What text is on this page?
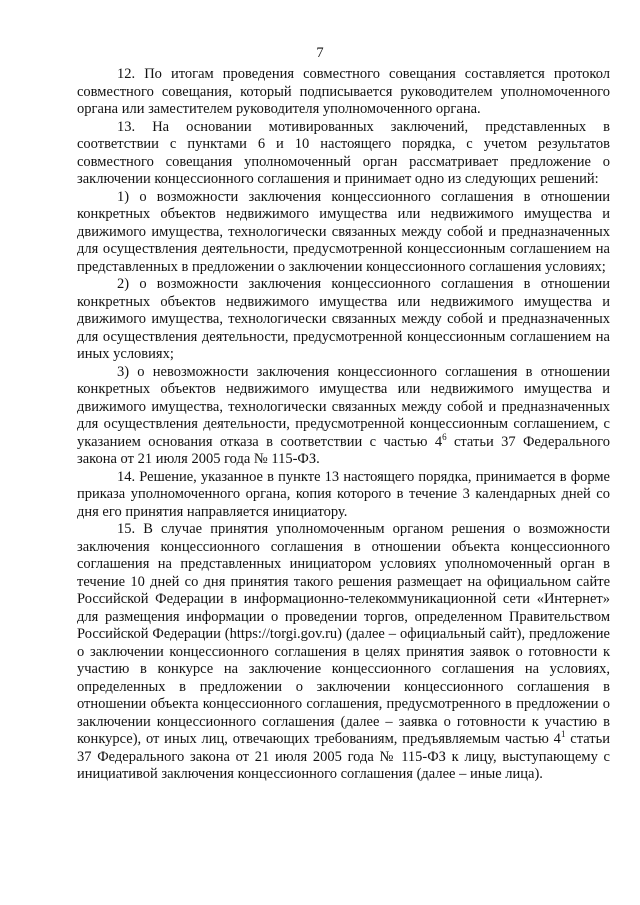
7

12. По итогам проведения совместного совещания составляется протокол совместного совещания, который подписывается руководителем уполномоченного органа или заместителем руководителя уполномоченного органа.

13. На основании мотивированных заключений, представленных в соответствии с пунктами 6 и 10 настоящего порядка, с учетом результатов совместного совещания уполномоченный орган рассматривает предложение о заключении концессионного соглашения и принимает одно из следующих решений:

1) о возможности заключения концессионного соглашения в отношении конкретных объектов недвижимого имущества или недвижимого имущества и движимого имущества, технологически связанных между собой и предназначенных для осуществления деятельности, предусмотренной концессионным соглашением на представленных в предложении о заключении концессионного соглашения условиях;

2) о возможности заключения концессионного соглашения в отношении конкретных объектов недвижимого имущества или недвижимого имущества и движимого имущества, технологически связанных между собой и предназначенных для осуществления деятельности, предусмотренной концессионным соглашением на иных условиях;

3) о невозможности заключения концессионного соглашения в отношении конкретных объектов недвижимого имущества или недвижимого имущества и движимого имущества, технологически связанных между собой и предназначенных для осуществления деятельности, предусмотренной концессионным соглашением, с указанием основания отказа в соответствии с частью $4^6$ статьи 37 Федерального закона от 21 июля 2005 года № 115-ФЗ.

14. Решение, указанное в пункте 13 настоящего порядка, принимается в форме приказа уполномоченного органа, копия которого в течение 3 календарных дней со дня его принятия направляется инициатору.

15. В случае принятия уполномоченным органом решения о возможности заключения концессионного соглашения в отношении объекта концессионного соглашения на представленных инициатором условиях уполномоченный орган в течение 10 дней со дня принятия такого решения размещает на официальном сайте Российской Федерации в информационно-телекоммуникационной сети «Интернет» для размещения информации о проведении торгов, определенном Правительством Российской Федерации (https://torgi.gov.ru) (далее – официальный сайт), предложение о заключении концессионного соглашения в целях принятия заявок о готовности к участию в конкурсе на заключение концессионного соглашения на условиях, определенных в предложении о заключении концессионного соглашения в отношении объекта концессионного соглашения, предусмотренного в предложении о заключении концессионного соглашения (далее – заявка о готовности к участию в конкурсе), от иных лиц, отвечающих требованиям, предъявляемым частью $4^1$ статьи 37 Федерального закона от 21 июля 2005 года № 115-ФЗ к лицу, выступающему с инициативой заключения концессионного соглашения (далее – иные лица).
